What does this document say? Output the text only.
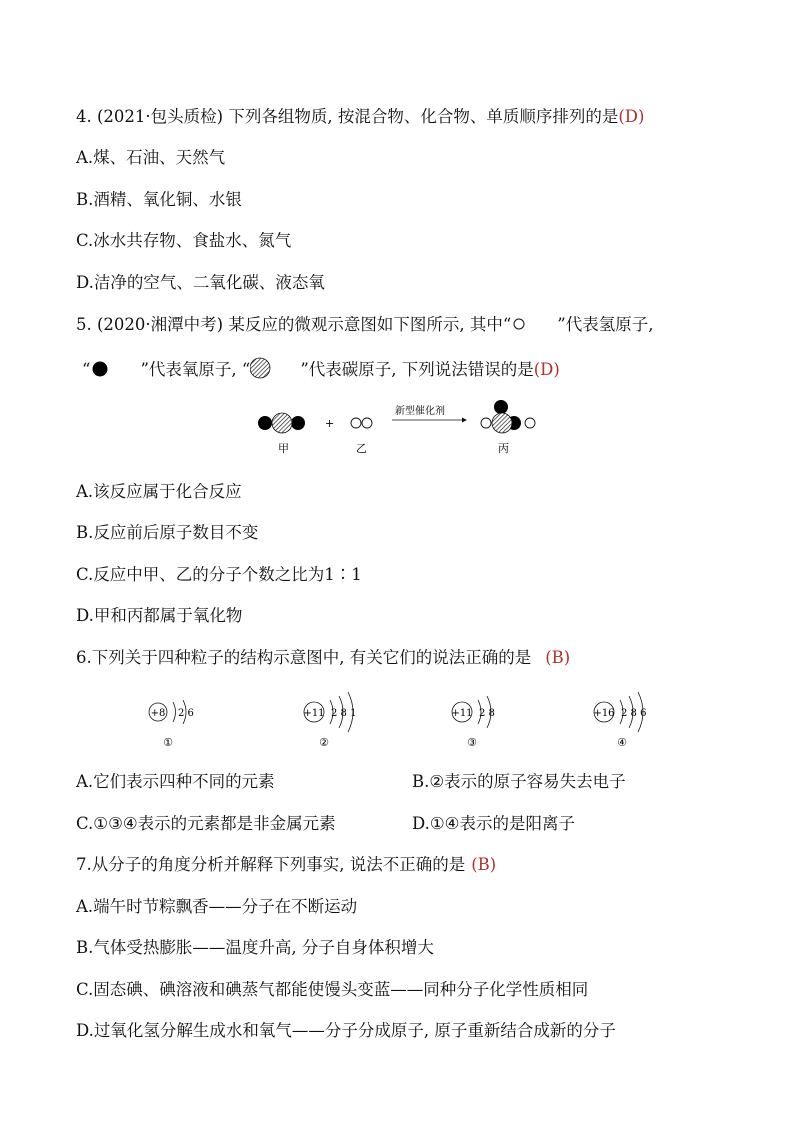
4. (2021·包头质检) 下列各组物质, 按混合物、化合物、单质顺序排列的是(D)
A.煤、石油、天然气
B.酒精、氧化铜、水银
C.冰水共存物、食盐水、氮气
D.洁净的空气、二氧化碳、液态氧
5. (2020·湘潭中考) 某反应的微观示意图如下图所示, 其中“	”代表氢原子,
“	”代表氧原子, “	”代表碳原子, 下列说法错误的是(D)
+
新型催化剂
甲	乙	丙
A.该反应属于化合反应
B.反应前后原子数目不变
C.反应中甲、乙的分子个数之比为1∶1
D.甲和丙都属于氧化物
6.下列关于四种粒子的结构示意图中, 有关它们的说法正确的是 (B)
+8 2 6
①
+11 2 8 1
②
+11 2 8
③
+16 2 8 6
④
A.它们表示四种不同的元素	B.②表示的原子容易失去电子
C.①③④表示的元素都是非金属元素	D.①④表示的是阳离子
7.从分子的角度分析并解释下列事实, 说法不正确的是 (B)
A.端午时节粽飘香——分子在不断运动
B.气体受热膨胀——温度升高, 分子自身体积增大
C.固态碘、碘溶液和碘蒸气都能使馒头变蓝——同种分子化学性质相同
D.过氧化氢分解生成水和氧气——分子分成原子, 原子重新结合成新的分子
